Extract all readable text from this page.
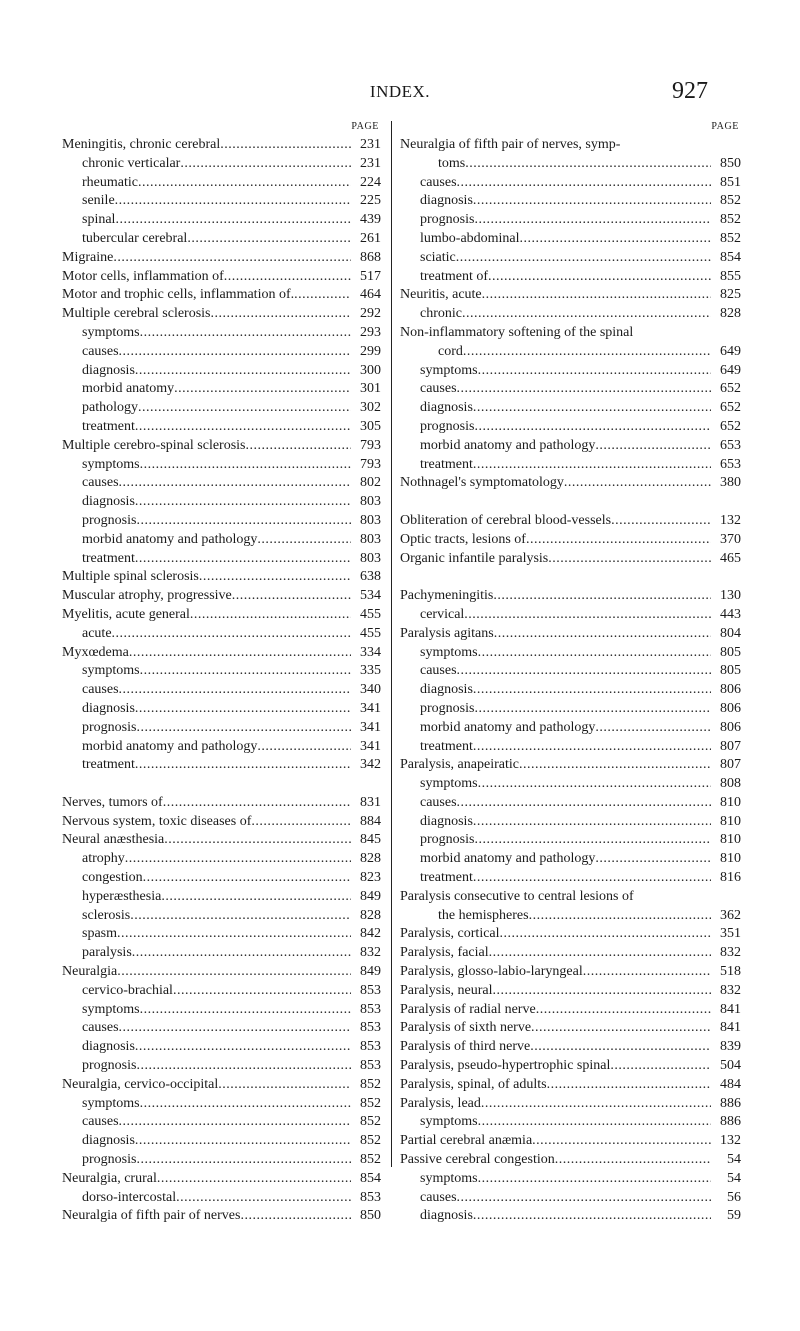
INDEX.	927
PAGE
Meningitis, chronic cerebral . . .	231
chronic verticalar . . .	231
rheumatic . . .	224
senile . . .	225
spinal . . .	439
tubercular cerebral . . .	261
Migraine . . .	868
Motor cells, inflammation of . . .	517
Motor and trophic cells, inflammation of. . . .	464
Multiple cerebral sclerosis . . .	292
symptoms . . .	293
causes . . .	299
diagnosis . . .	300
morbid anatomy . . .	301
pathology . . .	302
treatment . . .	305
Multiple cerebro-spinal sclerosis . . .	793
symptoms . . .	793
causes . . .	802
diagnosis . . .	803
prognosis . . .	803
morbid anatomy and pathology . . .	803
treatment . . .	803
Multiple spinal sclerosis . . .	638
Muscular atrophy, progressive . . .	534
Myelitis, acute general . . .	455
acute . . .	455
Myxœdema . . .	334
symptoms . . .	335
causes . . .	340
diagnosis . . .	341
prognosis . . .	341
morbid anatomy and pathology . . .	341
treatment . . .	342
Nerves, tumors of . . .	831
Nervous system, toxic diseases of . . .	884
Neural anæsthesia . . .	845
atrophy . . .	828
congestion . . .	823
hyperæsthesia . . .	849
sclerosis . . .	828
spasm . . .	842
paralysis . . .	832
Neuralgia . . .	849
cervico-brachial . . .	853
symptoms . . .	853
causes . . .	853
diagnosis . . .	853
prognosis . . .	853
Neuralgia, cervico-occipital . . .	852
symptoms . . .	852
causes . . .	852
diagnosis . . .	852
prognosis . . .	852
Neuralgia, crural . . .	854
dorso-intercostal . . .	853
Neuralgia of fifth pair of nerves . . .	850
PAGE
Neuralgia of fifth pair of nerves, symp-
toms . . .	850
causes . . .	851
diagnosis . . .	852
prognosis . . .	852
lumbo-abdominal . . .	852
sciatic . . .	854
treatment of . . .	855
Neuritis, acute . . .	825
chronic . . .	828
Non-inflammatory softening of the spinal
cord . . .	649
symptoms . . .	649
causes . . .	652
diagnosis . . .	652
prognosis . . .	652
morbid anatomy and pathology . . .	653
treatment . . .	653
Nothnagel's symptomatology . . .	380
Obliteration of cerebral blood-vessels . . .	132
Optic tracts, lesions of . . .	370
Organic infantile paralysis . . .	465
Pachymeningitis . . .	130
cervical . . .	443
Paralysis agitans . . .	804
symptoms . . .	805
causes . . .	805
diagnosis . . .	806
prognosis . . .	806
morbid anatomy and pathology . . .	806
treatment . . .	807
Paralysis, anapeiratic . . .	807
symptoms . . .	808
causes . . .	810
diagnosis . . .	810
prognosis . . .	810
morbid anatomy and pathology . . .	810
treatment . . .	816
Paralysis consecutive to central lesions of
the hemispheres . . .	362
Paralysis, cortical . . .	351
Paralysis, facial . . .	832
Paralysis, glosso-labio-laryngeal . . .	518
Paralysis, neural . . .	832
Paralysis of radial nerve . . .	841
Paralysis of sixth nerve . . .	841
Paralysis of third nerve . . .	839
Paralysis, pseudo-hypertrophic spinal . . .	504
Paralysis, spinal, of adults . . .	484
Paralysis, lead . . .	886
symptoms . . .	886
Partial cerebral anæmia . . .	132
Passive cerebral congestion . . .	54
symptoms . . .	54
causes . . .	56
diagnosis . . .	59
